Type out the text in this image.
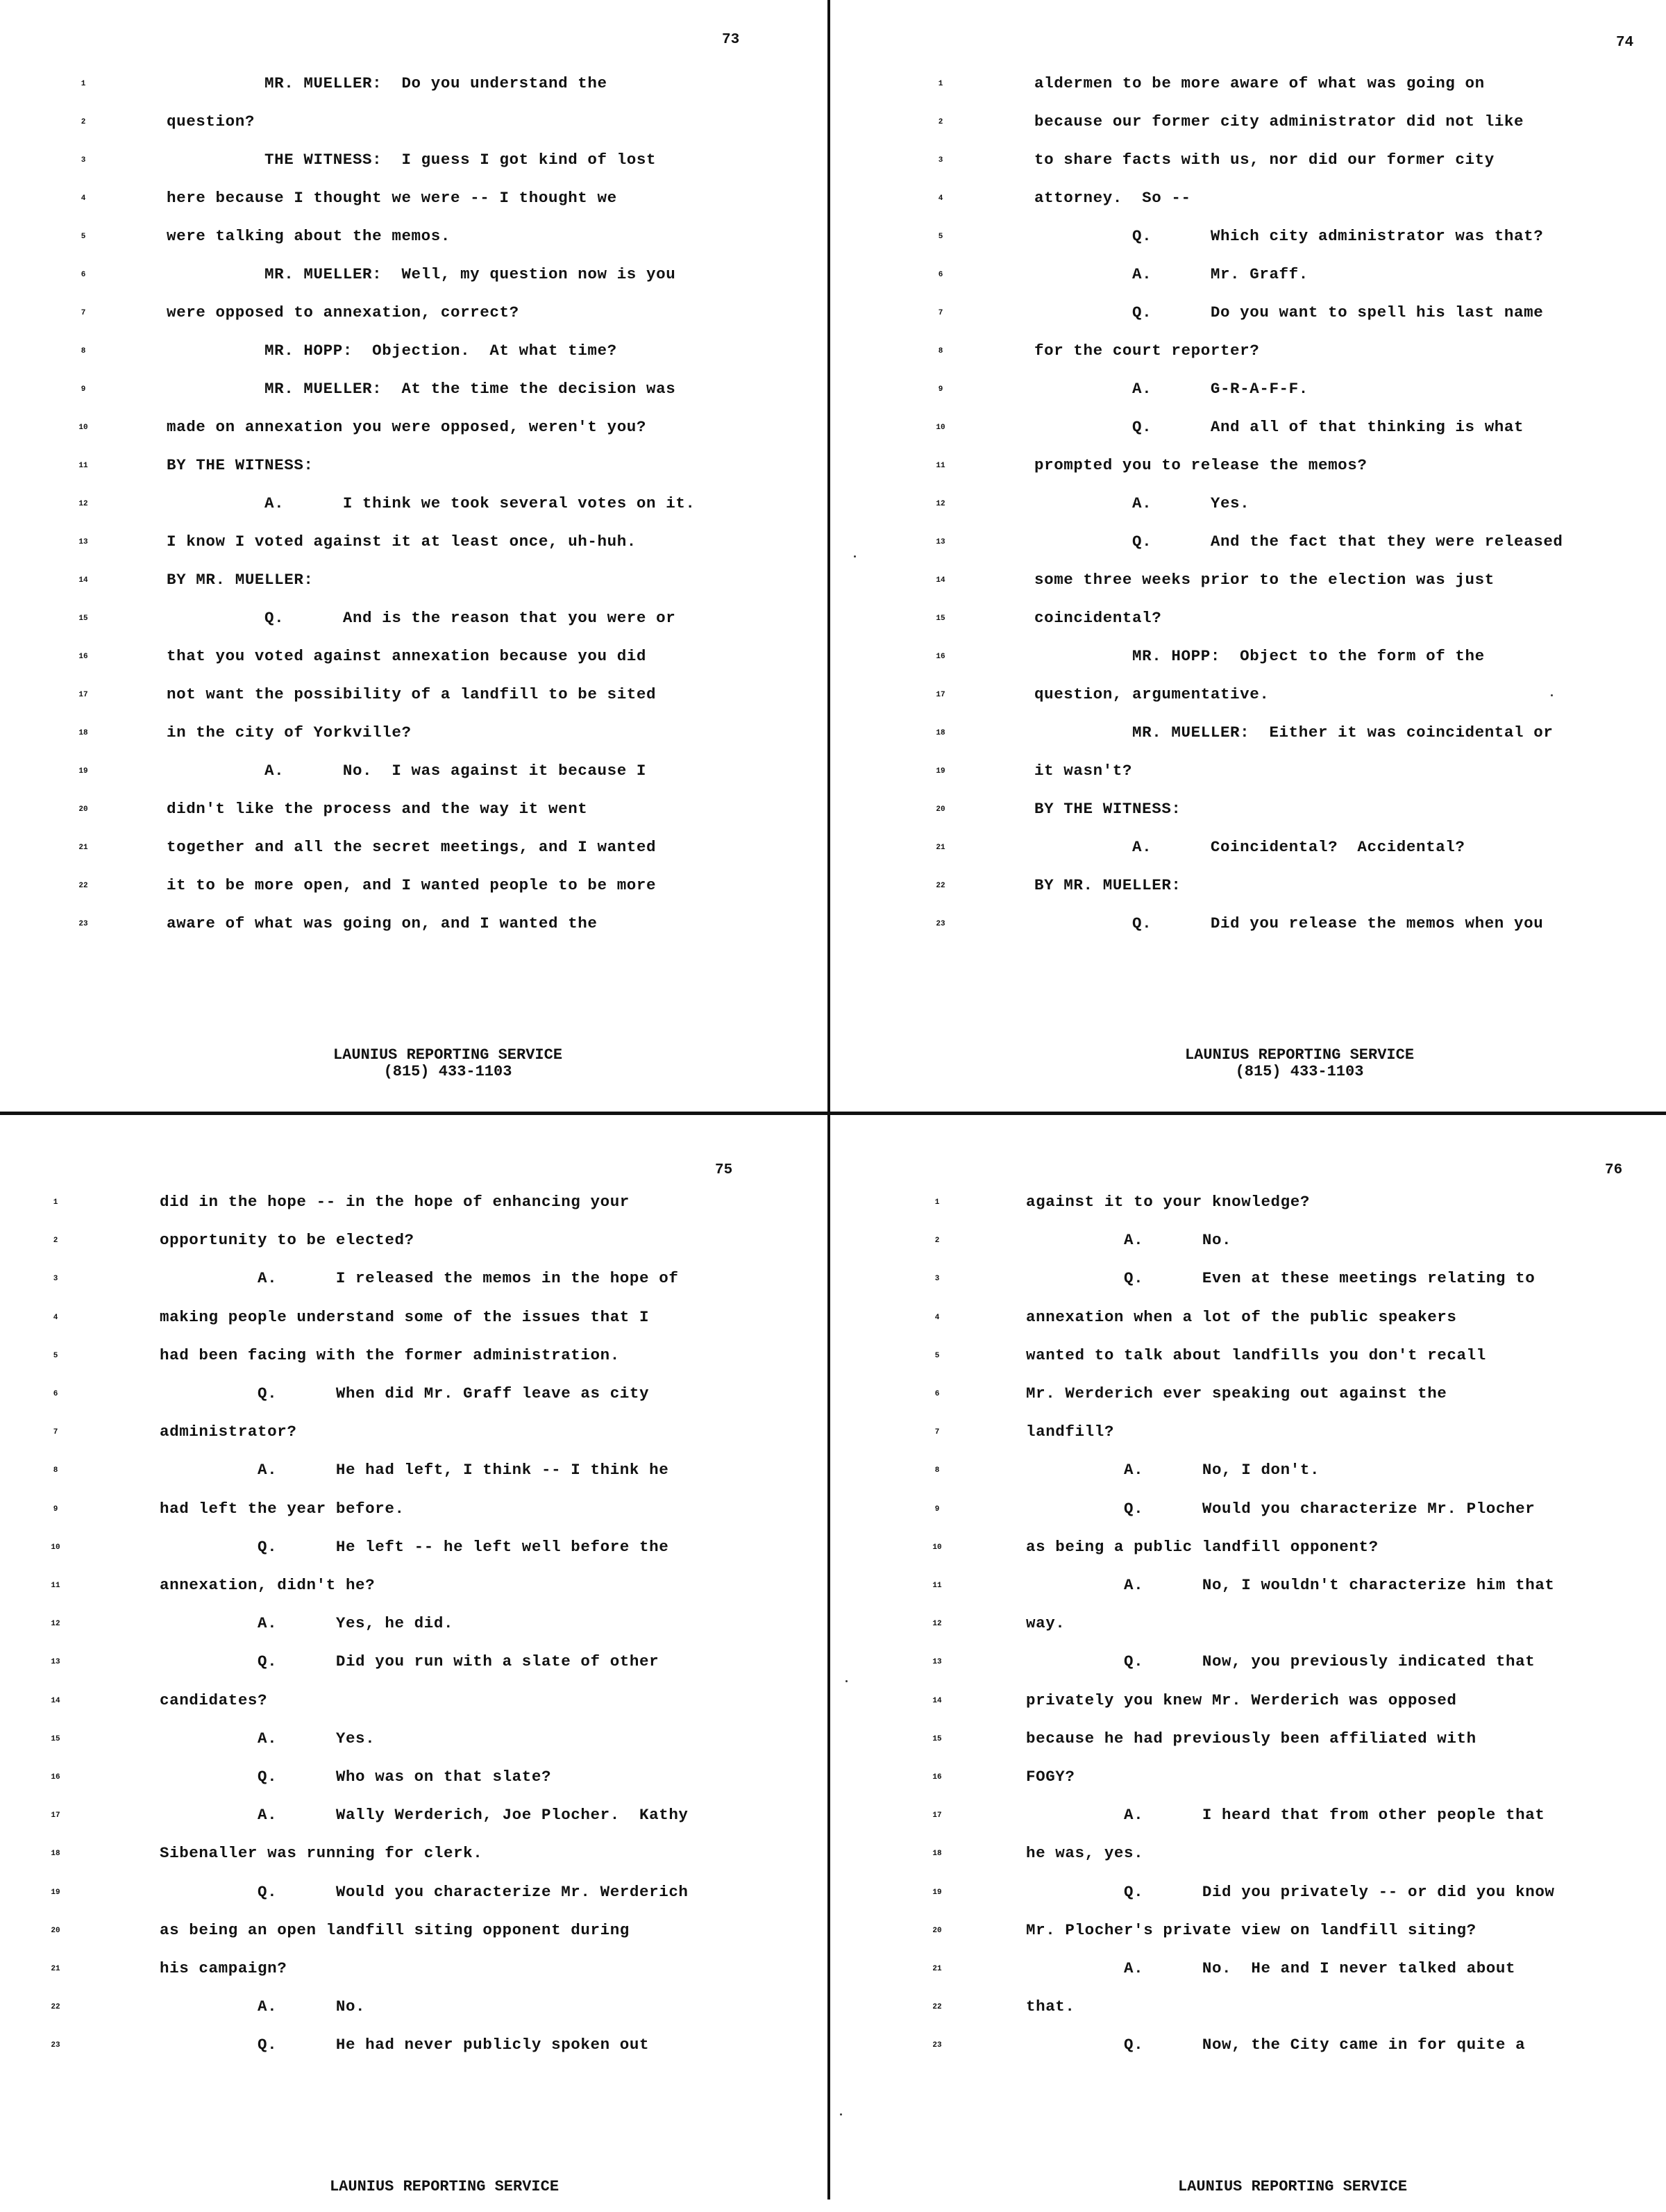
73
1	MR. MUELLER:  Do you understand the
2	question?
3	THE WITNESS:  I guess I got kind of lost
4	here because I thought we were -- I thought we
5	were talking about the memos.
6	MR. MUELLER:  Well, my question now is you
7	were opposed to annexation, correct?
8	MR. HOPP:  Objection.  At what time?
9	MR. MUELLER:  At the time the decision was
10	made on annexation you were opposed, weren't you?
11	BY THE WITNESS:
12	A.      I think we took several votes on it.
13	I know I voted against it at least once, uh-huh.
14	BY MR. MUELLER:
15	Q.      And is the reason that you were or
16	that you voted against annexation because you did
17	not want the possibility of a landfill to be sited
18	in the city of Yorkville?
19	A.      No.  I was against it because I
20	didn't like the process and the way it went
21	together and all the secret meetings, and I wanted
22	it to be more open, and I wanted people to be more
23	aware of what was going on, and I wanted the
LAUNIUS REPORTING SERVICE
(815) 433-1103
74
1	aldermen to be more aware of what was going on
2	because our former city administrator did not like
3	to share facts with us, nor did our former city
4	attorney.  So --
5	Q.      Which city administrator was that?
6	A.      Mr. Graff.
7	Q.      Do you want to spell his last name
8	for the court reporter?
9	A.      G-R-A-F-F.
10	Q.      And all of that thinking is what
11	prompted you to release the memos?
12	A.      Yes.
13	Q.      And the fact that they were released
14	some three weeks prior to the election was just
15	coincidental?
16	MR. HOPP:  Object to the form of the
17	question, argumentative.
18	MR. MUELLER:  Either it was coincidental or
19	it wasn't?
20	BY THE WITNESS:
21	A.      Coincidental?  Accidental?
22	BY MR. MUELLER:
23	Q.      Did you release the memos when you
LAUNIUS REPORTING SERVICE
(815) 433-1103
75
1	did in the hope -- in the hope of enhancing your
2	opportunity to be elected?
3	A.      I released the memos in the hope of
4	making people understand some of the issues that I
5	had been facing with the former administration.
6	Q.      When did Mr. Graff leave as city
7	administrator?
8	A.      He had left, I think -- I think he
9	had left the year before.
10	Q.      He left -- he left well before the
11	annexation, didn't he?
12	A.      Yes, he did.
13	Q.      Did you run with a slate of other
14	candidates?
15	A.      Yes.
16	Q.      Who was on that slate?
17	A.      Wally Werderich, Joe Plocher.  Kathy
18	Sibenaller was running for clerk.
19	Q.      Would you characterize Mr. Werderich
20	as being an open landfill siting opponent during
21	his campaign?
22	A.      No.
23	Q.      He had never publicly spoken out
LAUNIUS REPORTING SERVICE
76
1	against it to your knowledge?
2	A.      No.
3	Q.      Even at these meetings relating to
4	annexation when a lot of the public speakers
5	wanted to talk about landfills you don't recall
6	Mr. Werderich ever speaking out against the
7	landfill?
8	A.      No, I don't.
9	Q.      Would you characterize Mr. Plocher
10	as being a public landfill opponent?
11	A.      No, I wouldn't characterize him that
12	way.
13	Q.      Now, you previously indicated that
14	privately you knew Mr. Werderich was opposed
15	because he had previously been affiliated with
16	FOGY?
17	A.      I heard that from other people that
18	he was, yes.
19	Q.      Did you privately -- or did you know
20	Mr. Plocher's private view on landfill siting?
21	A.      No.  He and I never talked about
22	that.
23	Q.      Now, the City came in for quite a
LAUNIUS REPORTING SERVICE
